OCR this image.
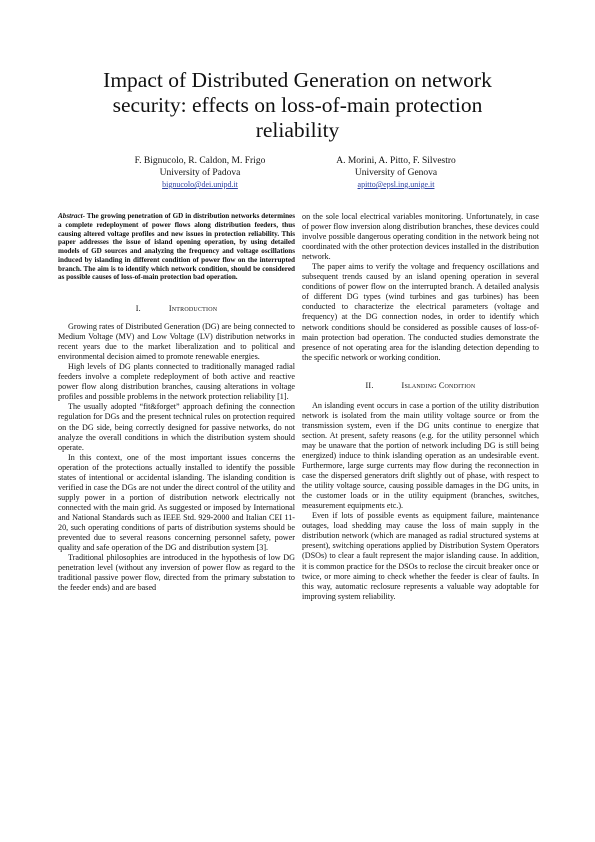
Impact of Distributed Generation on network security: effects on loss-of-main protection reliability
F. Bignucolo, R. Caldon, M. Frigo
University of Padova
bignucolo@dei.unipd.it
A. Morini, A. Pitto, F. Silvestro
University of Genova
apitto@epsl.ing.unige.it

Abstract- The growing penetration of GD in distribution networks determines a complete redeployment of power flows along distribution feeders, thus causing altered voltage profiles and new issues in protection reliability. This paper addresses the issue of island opening operation, by using detailed models of GD sources and analyzing the frequency and voltage oscillations induced by islanding in different condition of power flow on the interrupted branch. The aim is to identify which network condition, should be considered as possible causes of loss-of-main protection bad operation.

I.	Introduction

Growing rates of Distributed Generation (DG) are being connected to Medium Voltage (MV) and Low Voltage (LV) distribution networks in recent years due to the market liberalization and to political and environmental decision aimed to promote renewable energies.

High levels of DG plants connected to traditionally managed radial feeders involve a complete redeployment of both active and reactive power flow along distribution branches, causing alterations in voltage profiles and possible problems in the network protection reliability [1].

The usually adopted “fit&forget” approach defining the connection regulation for DGs and the present technical rules on protection required on the DG side, being correctly designed for passive networks, do not analyze the overall conditions in which the distribution system should operate.

In this context, one of the most important issues concerns the operation of the protections actually installed to identify the possible states of intentional or accidental islanding. The islanding condition is verified in case the DGs are not under the direct control of the utility and supply power in a portion of distribution network electrically not connected with the main grid. As suggested or imposed by International and National Standards such as IEEE Std. 929-2000 and Italian CEI 11-20, such operating conditions of parts of distribution systems should be prevented due to several reasons concerning personnel safety, power quality and safe operation of the DG and distribution system [3].

Traditional philosophies are introduced in the hypothesis of low DG penetration level (without any inversion of power flow as regard to the traditional passive power flow, directed from the primary substation to the feeder ends) and are based

on the sole local electrical variables monitoring. Unfortunately, in case of power flow inversion along distribution branches, these devices could involve possible dangerous operating condition in the network being not coordinated with the other protection devices installed in the distribution network.

The paper aims to verify the voltage and frequency oscillations and subsequent trends caused by an island opening operation in several conditions of power flow on the interrupted branch. A detailed analysis of different DG types (wind turbines and gas turbines) has been conducted to characterize the electrical parameters (voltage and frequency) at the DG connection nodes, in order to identify which network conditions should be considered as possible causes of loss-of-main protection bad operation. The conducted studies demonstrate the presence of not operating area for the islanding detection depending to the specific network or working condition.

II.	Islanding Condition

An islanding event occurs in case a portion of the utility distribution network is isolated from the main utility voltage source or from the transmission system, even if the DG units continue to energize that section. At present, safety reasons (e.g. for the utility personnel which may be unaware that the portion of network including DG is still being energized) induce to think islanding operation as an undesirable event. Furthermore, large surge currents may flow during the reconnection in case the dispersed generators drift slightly out of phase, with respect to the utility voltage source, causing possible damages in the DG units, in the customer loads or in the utility equipment (branches, switches, measurement equipments etc.).

Even if lots of possible events as equipment failure, maintenance outages, load shedding may cause the loss of main supply in the distribution network (which are managed as radial structured systems at present), switching operations applied by Distribution System Operators (DSOs) to clear a fault represent the major islanding cause. In addition, it is common practice for the DSOs to reclose the circuit breaker once or twice, or more aiming to check whether the feeder is clear of faults. In this way, automatic reclosure represents a valuable way adoptable for improving system reliability.
